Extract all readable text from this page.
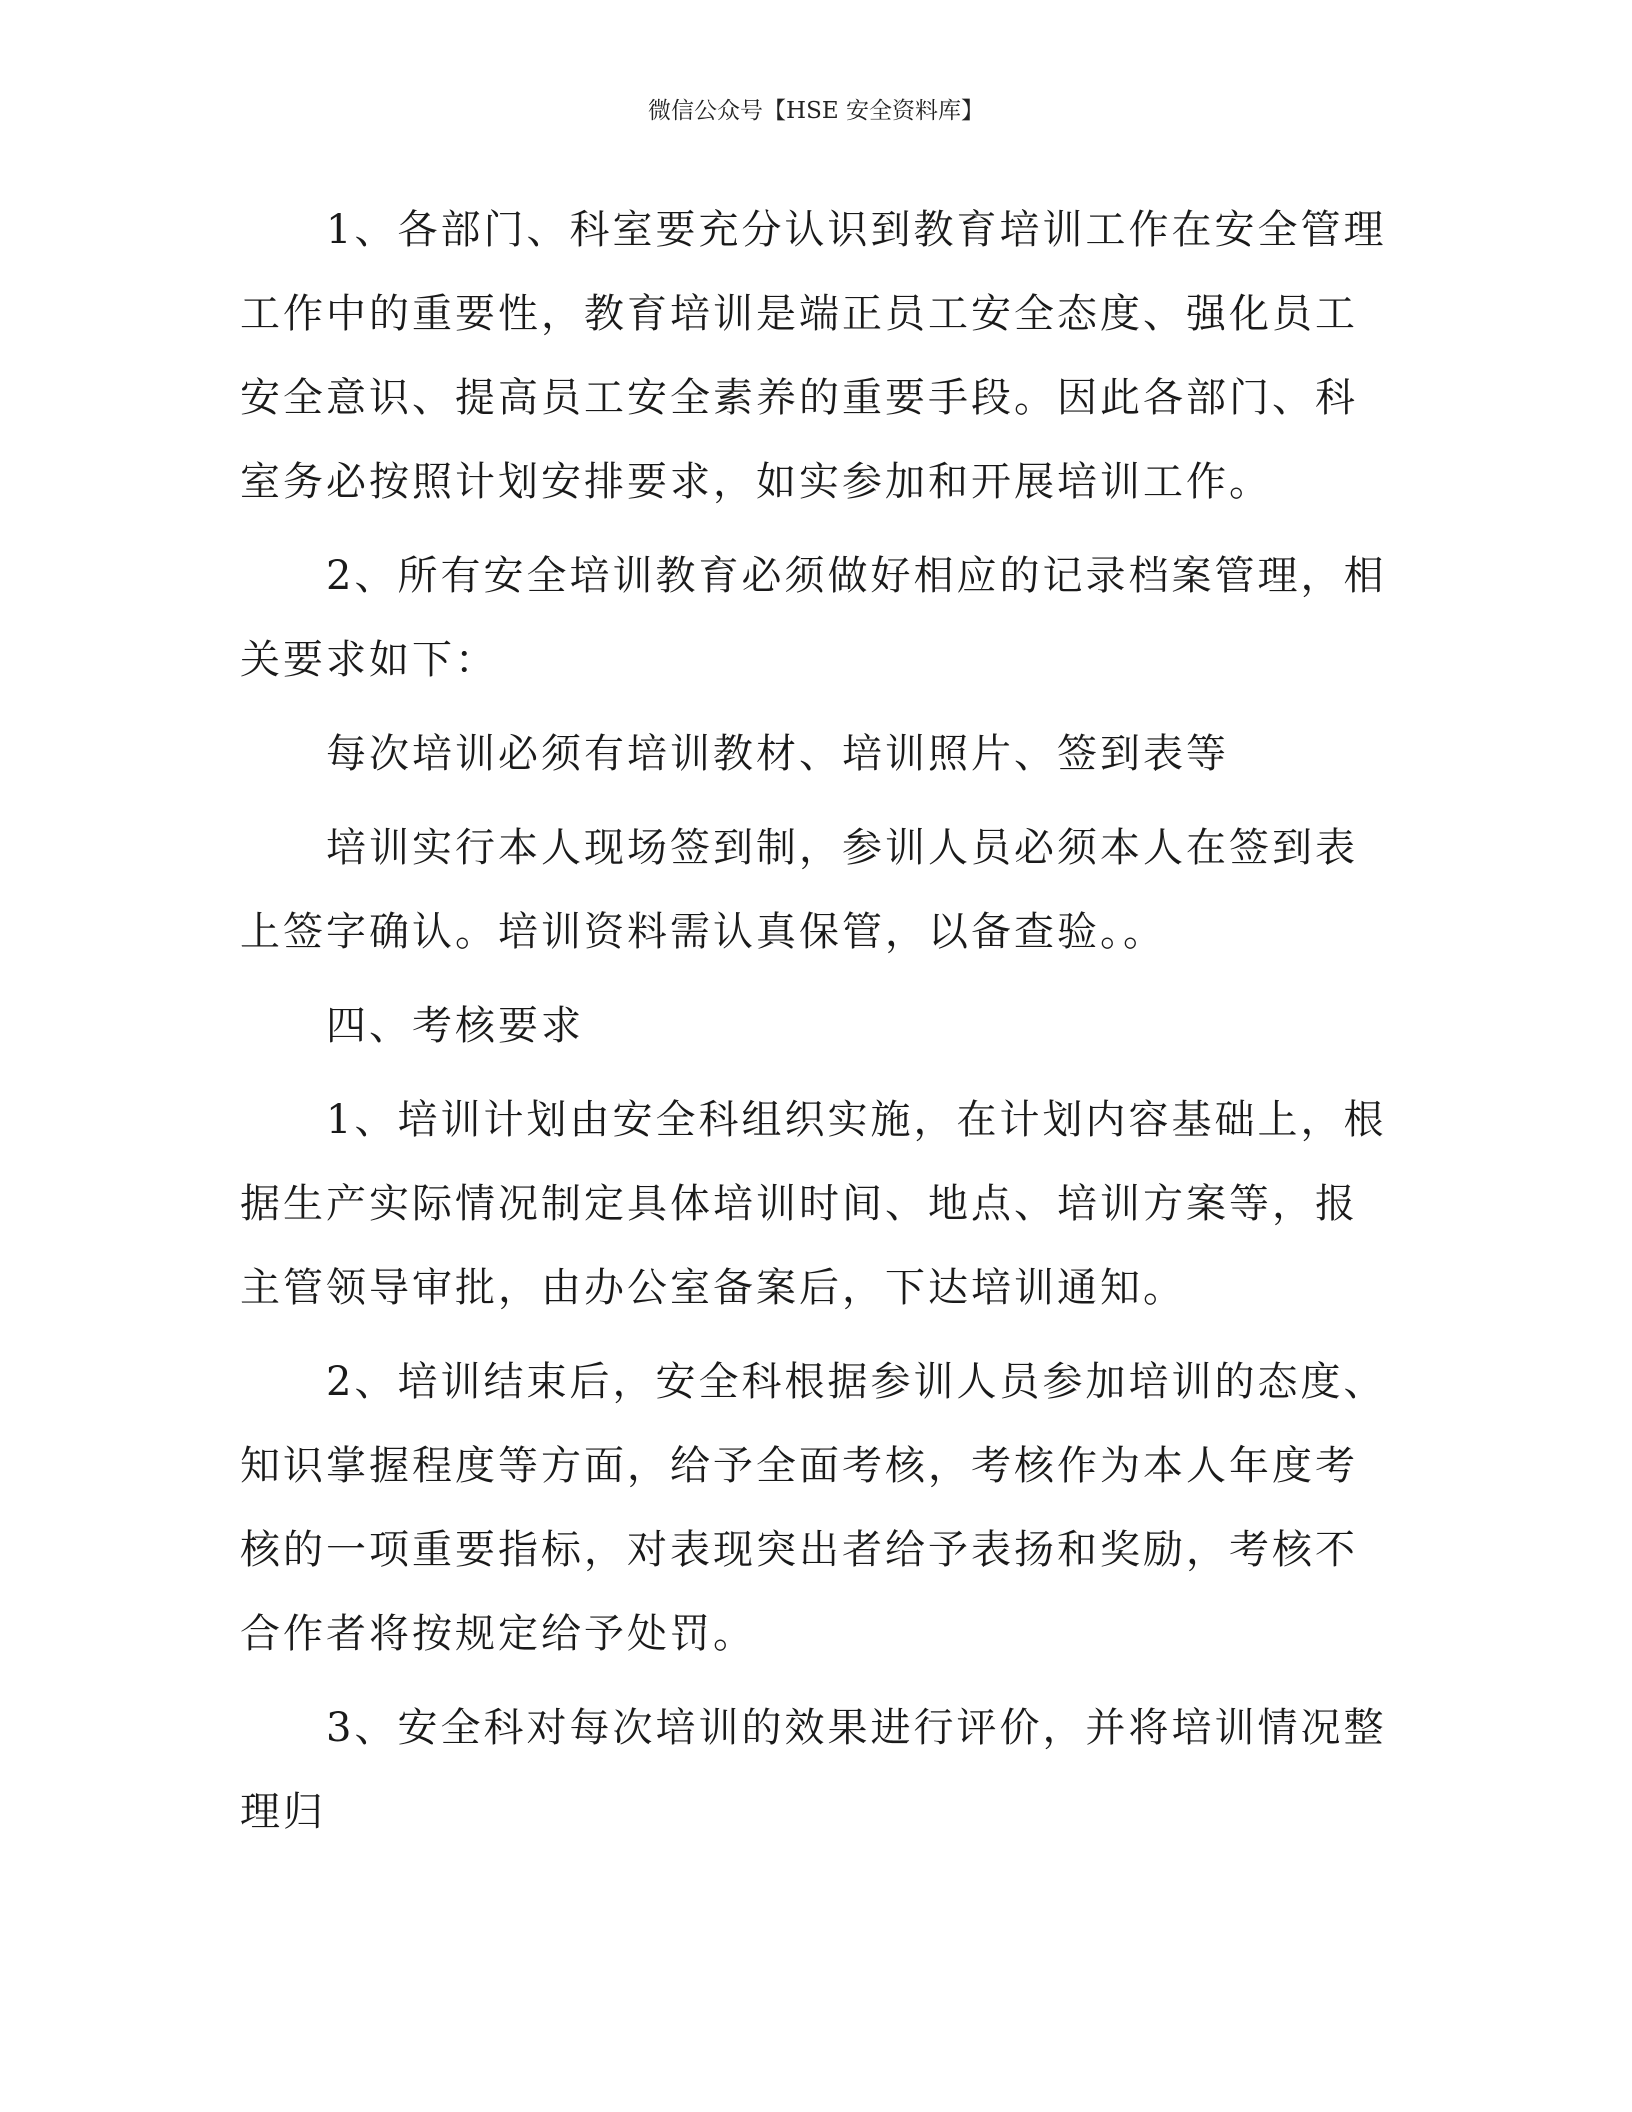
微信公众号【HSE 安全资料库】

1、各部门、科室要充分认识到教育培训工作在安全管理工作中的重要性，教育培训是端正员工安全态度、强化员工安全意识、提高员工安全素养的重要手段。因此各部门、科室务必按照计划安排要求，如实参加和开展培训工作。

2、所有安全培训教育必须做好相应的记录档案管理，相关要求如下：

每次培训必须有培训教材、培训照片、签到表等

培训实行本人现场签到制，参训人员必须本人在签到表上签字确认。培训资料需认真保管，以备查验。。

四、考核要求

1、培训计划由安全科组织实施，在计划内容基础上，根据生产实际情况制定具体培训时间、地点、培训方案等，报主管领导审批，由办公室备案后，下达培训通知。

2、培训结束后，安全科根据参训人员参加培训的态度、知识掌握程度等方面，给予全面考核，考核作为本人年度考核的一项重要指标，对表现突出者给予表扬和奖励，考核不合作者将按规定给予处罚。

3、安全科对每次培训的效果进行评价，并将培训情况整理归
